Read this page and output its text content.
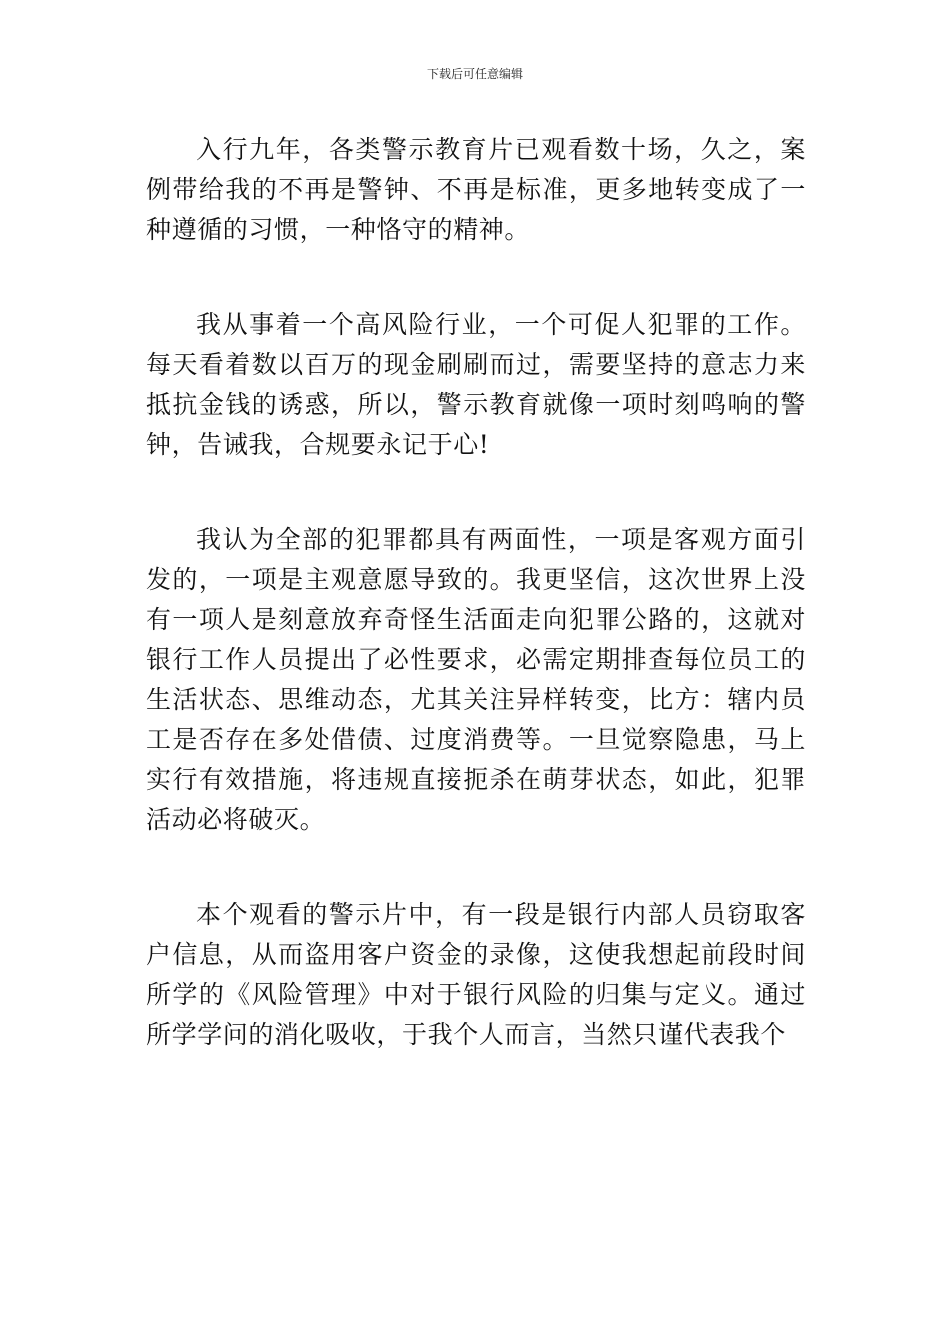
下载后可任意编辑

入行九年，各类警示教育片已观看数十场，久之，案例带给我的不再是警钟、不再是标准，更多地转变成了一种遵循的习惯，一种恪守的精神。

我从事着一个高风险行业，一个可促人犯罪的工作。每天看着数以百万的现金刷刷而过，需要坚持的意志力来抵抗金钱的诱惑，所以，警示教育就像一项时刻鸣响的警钟，告诫我，合规要永记于心!

我认为全部的犯罪都具有两面性，一项是客观方面引发的，一项是主观意愿导致的。我更坚信，这次世界上没有一项人是刻意放弃奇怪生活面走向犯罪公路的，这就对银行工作人员提出了必性要求，必需定期排查每位员工的生活状态、思维动态，尤其关注异样转变，比方：辖内员工是否存在多处借债、过度消费等。一旦觉察隐患，马上实行有效措施，将违规直接扼杀在萌芽状态，如此，犯罪活动必将破灭。

本个观看的警示片中，有一段是银行内部人员窃取客户信息，从而盗用客户资金的录像，这使我想起前段时间所学的《风险管理》中对于银行风险的归集与定义。通过所学学问的消化吸收，于我个人而言，当然只谨代表我个
